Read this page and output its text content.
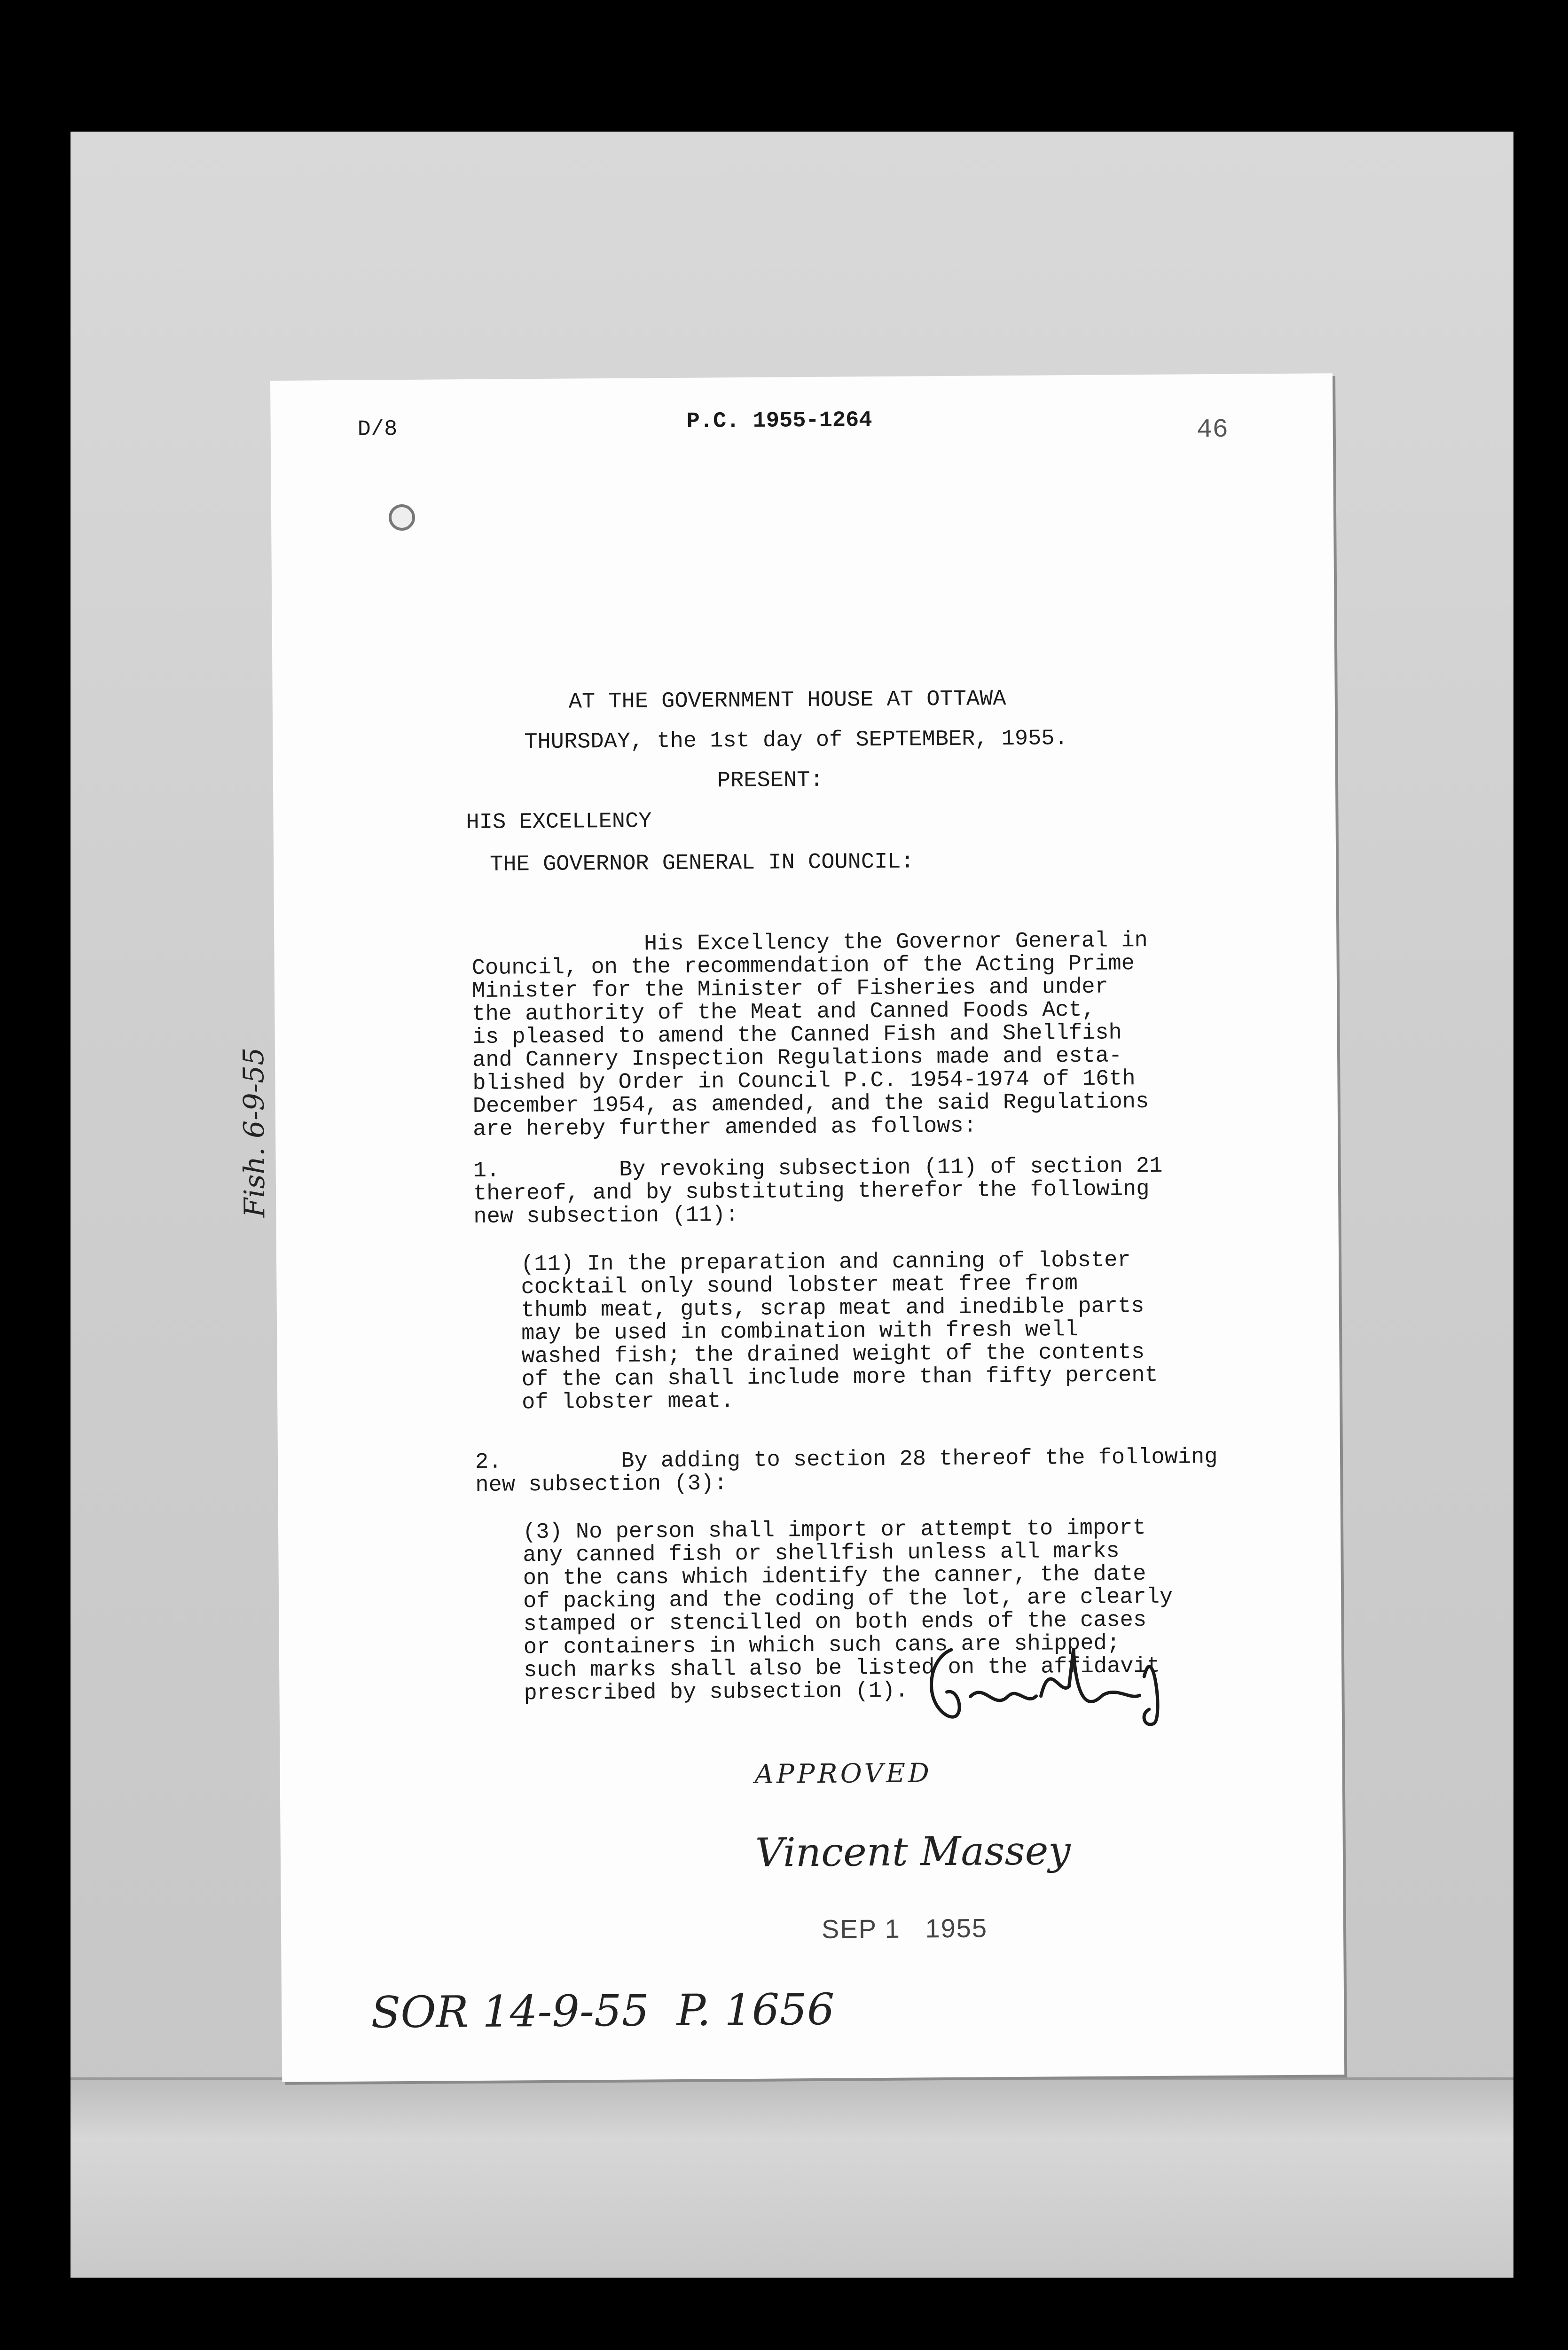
D/8	P.C. 1955-1264	46
AT THE GOVERNMENT HOUSE AT OTTAWA
THURSDAY, the 1st day of SEPTEMBER, 1955.
PRESENT:
HIS EXCELLENCY
THE GOVERNOR GENERAL IN COUNCIL:
His Excellency the Governor General in
Council, on the recommendation of the Acting Prime
Minister for the Minister of Fisheries and under
the authority of the Meat and Canned Foods Act,
is pleased to amend the Canned Fish and Shellfish
and Cannery Inspection Regulations made and esta-
blished by Order in Council P.C. 1954-1974 of 16th
December 1954, as amended, and the said Regulations
are hereby further amended as follows:
1.         By revoking subsection (11) of section 21
thereof, and by substituting therefor the following
new subsection (11):
(11) In the preparation and canning of lobster
cocktail only sound lobster meat free from
thumb meat, guts, scrap meat and inedible parts
may be used in combination with fresh well
washed fish; the drained weight of the contents
of the can shall include more than fifty percent
of lobster meat.
2.         By adding to section 28 thereof the following
new subsection (3):
(3) No person shall import or attempt to import
any canned fish or shellfish unless all marks
on the cans which identify the canner, the date
of packing and the coding of the lot, are clearly
stamped or stencilled on both ends of the cases
or containers in which such cans are shipped;
such marks shall also be listed on the affidavit
prescribed by subsection (1).
APPROVED
Vincent Massey
SEP 1   1955
SOR 14-9-55  P. 1656
Fish. 6-9-55
